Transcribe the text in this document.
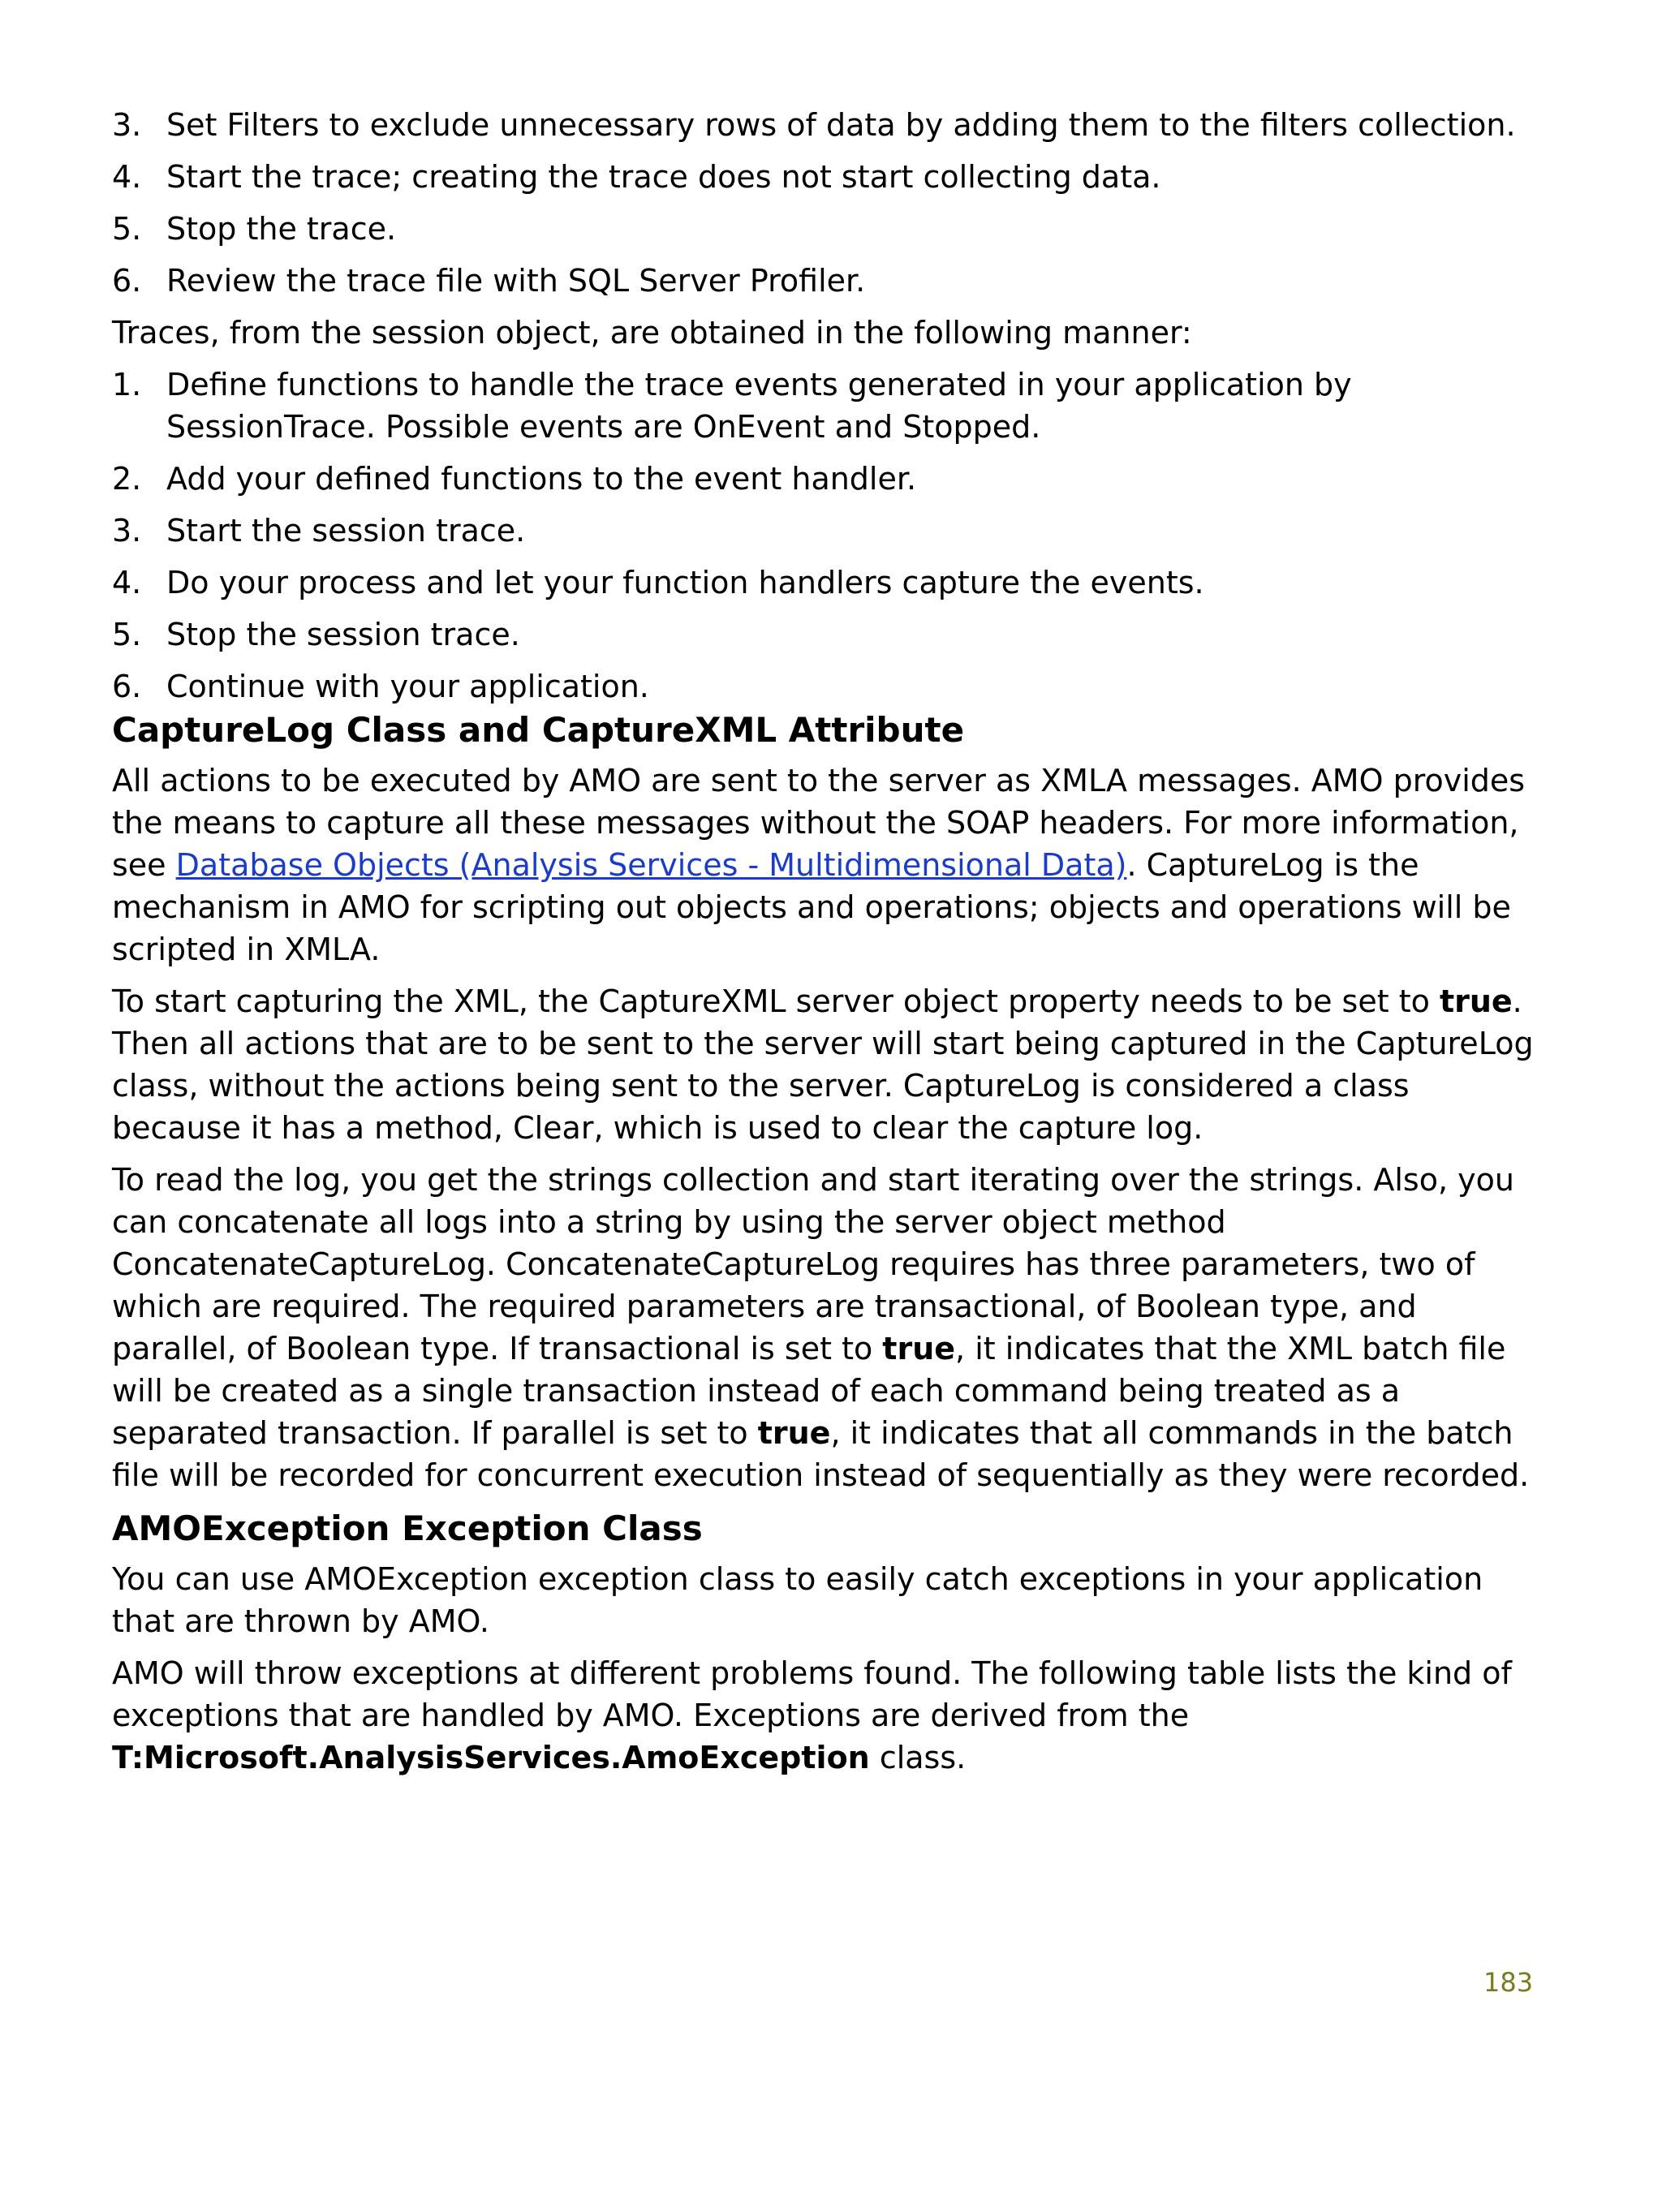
3. Set Filters to exclude unnecessary rows of data by adding them to the filters collection.
4. Start the trace; creating the trace does not start collecting data.
5. Stop the trace.
6. Review the trace file with SQL Server Profiler.

Traces, from the session object, are obtained in the following manner:

1. Define functions to handle the trace events generated in your application by SessionTrace. Possible events are OnEvent and Stopped.
2. Add your defined functions to the event handler.
3. Start the session trace.
4. Do your process and let your function handlers capture the events.
5. Stop the session trace.
6. Continue with your application.
CaptureLog Class and CaptureXML Attribute

All actions to be executed by AMO are sent to the server as XMLA messages. AMO provides the means to capture all these messages without the SOAP headers. For more information, see Database Objects (Analysis Services - Multidimensional Data). CaptureLog is the mechanism in AMO for scripting out objects and operations; objects and operations will be scripted in XMLA.

To start capturing the XML, the CaptureXML server object property needs to be set to true. Then all actions that are to be sent to the server will start being captured in the CaptureLog class, without the actions being sent to the server. CaptureLog is considered a class because it has a method, Clear, which is used to clear the capture log.

To read the log, you get the strings collection and start iterating over the strings. Also, you can concatenate all logs into a string by using the server object method ConcatenateCaptureLog. ConcatenateCaptureLog requires has three parameters, two of which are required. The required parameters are transactional, of Boolean type, and parallel, of Boolean type. If transactional is set to true, it indicates that the XML batch file will be created as a single transaction instead of each command being treated as a separated transaction. If parallel is set to true, it indicates that all commands in the batch file will be recorded for concurrent execution instead of sequentially as they were recorded.

AMOException Exception Class

You can use AMOException exception class to easily catch exceptions in your application that are thrown by AMO.

AMO will throw exceptions at different problems found. The following table lists the kind of exceptions that are handled by AMO. Exceptions are derived from the T:Microsoft.AnalysisServices.AmoException class.

183
